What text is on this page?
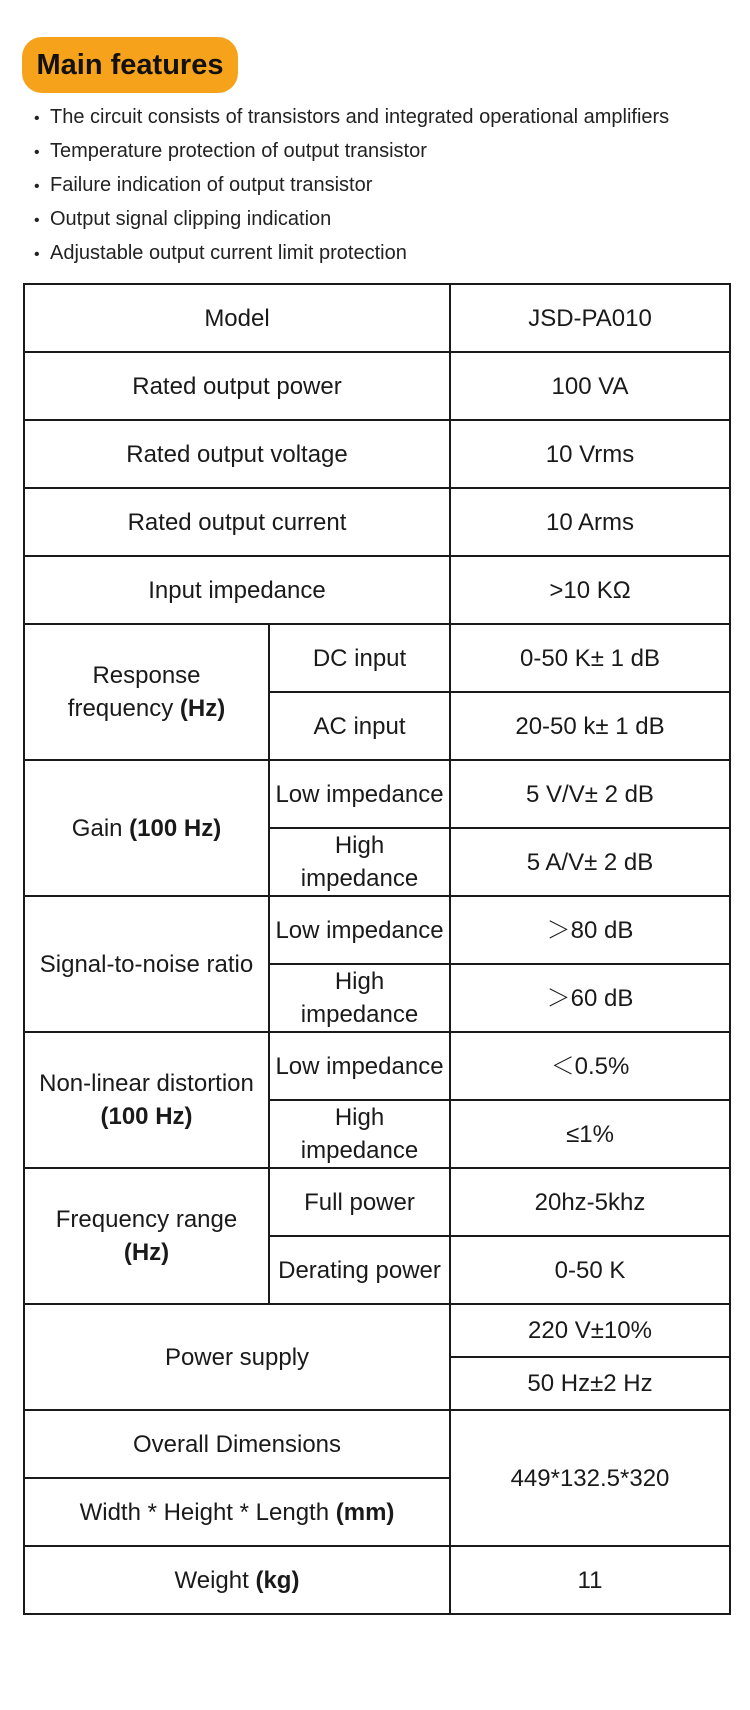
Main features
• The circuit consists of transistors and integrated operational amplifiers
• Temperature protection of output transistor
• Failure indication of output transistor
• Output signal clipping indication
• Adjustable output current limit protection
Model		JSD-PA010
Rated output power		100 VA
Rated output voltage		10 Vrms
Rated output current		10 Arms
Input impedance		>10 KΩ
Response
frequency (Hz)	DC input	0-50 K± 1 dB
	AC input	20-50 k± 1 dB
Gain (100 Hz)	Low impedance	5 V/V± 2 dB
	High
impedance	5 A/V± 2 dB
Signal-to-noise ratio	Low impedance	＞80 dB
	High
impedance	＞60 dB
Non-linear distortion
(100 Hz)	Low impedance	＜0.5%
	High
impedance	≤1%
Frequency range
(Hz)	Full power	20hz-5khz
	Derating power	0-50 K
Power supply		220 V±10%
		50 Hz±2 Hz
Overall Dimensions		449*132.5*320
Width * Height * Length (mm)		
Weight (kg)		11
